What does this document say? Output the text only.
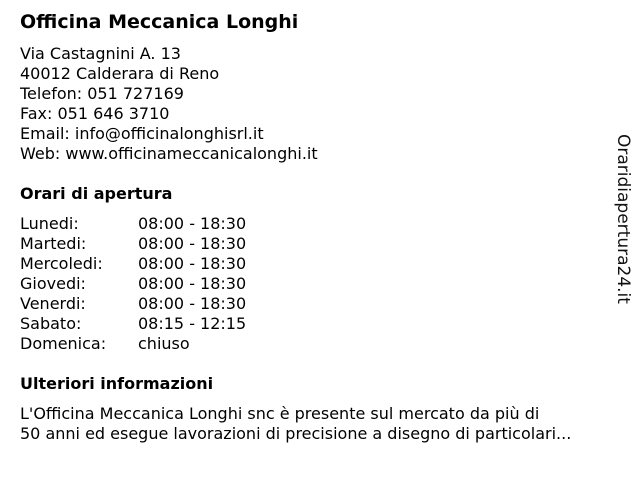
Officina Meccanica Longhi
Via Castagnini A. 13
40012 Calderara di Reno
Telefon: 051 727169
Fax: 051 646 3710
Email: info@officinalonghisrl.it
Web: www.officinameccanicalonghi.it
Orari di apertura
Lunedi:	08:00 - 18:30
Martedi:	08:00 - 18:30
Mercoledi: 08:00 - 18:30
Giovedi:	08:00 - 18:30
Venerdi:	08:00 - 18:30
Sabato:	08:15 - 12:15
Domenica: chiuso
Ulteriori informazioni
L'Officina Meccanica Longhi snc è presente sul mercato da più di
50 anni ed esegue lavorazioni di precisione a disegno di particolari...
Oraridiapertura24.it
